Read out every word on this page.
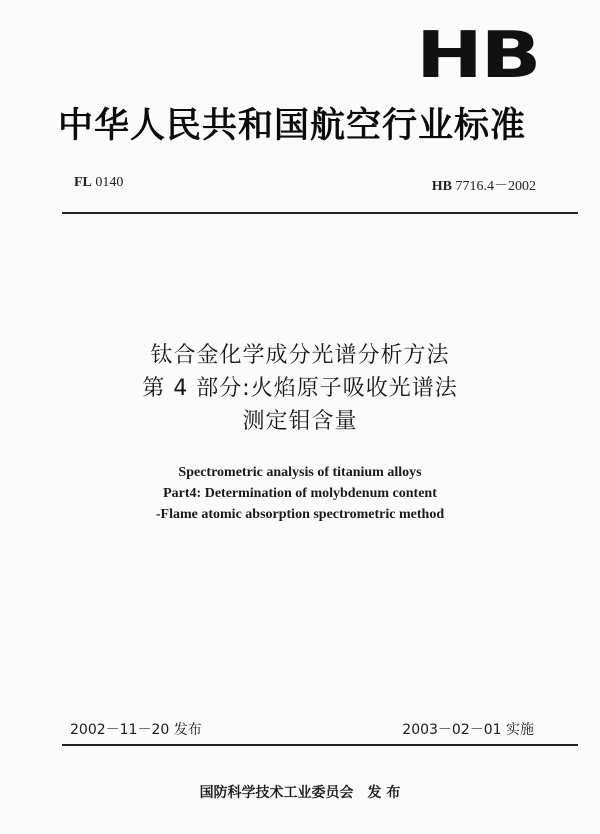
HB
中华人民共和国航空行业标准
FL 0140	HB 7716.4－2002
钛合金化学成分光谱分析方法
第 4 部分:火焰原子吸收光谱法
测定钼含量
Spectrometric analysis of titanium alloys
Part4: Determination of molybdenum content
-Flame atomic absorption spectrometric method
2002－11－20 发布	2003－02－01 实施
国防科学技术工业委员会　发 布
